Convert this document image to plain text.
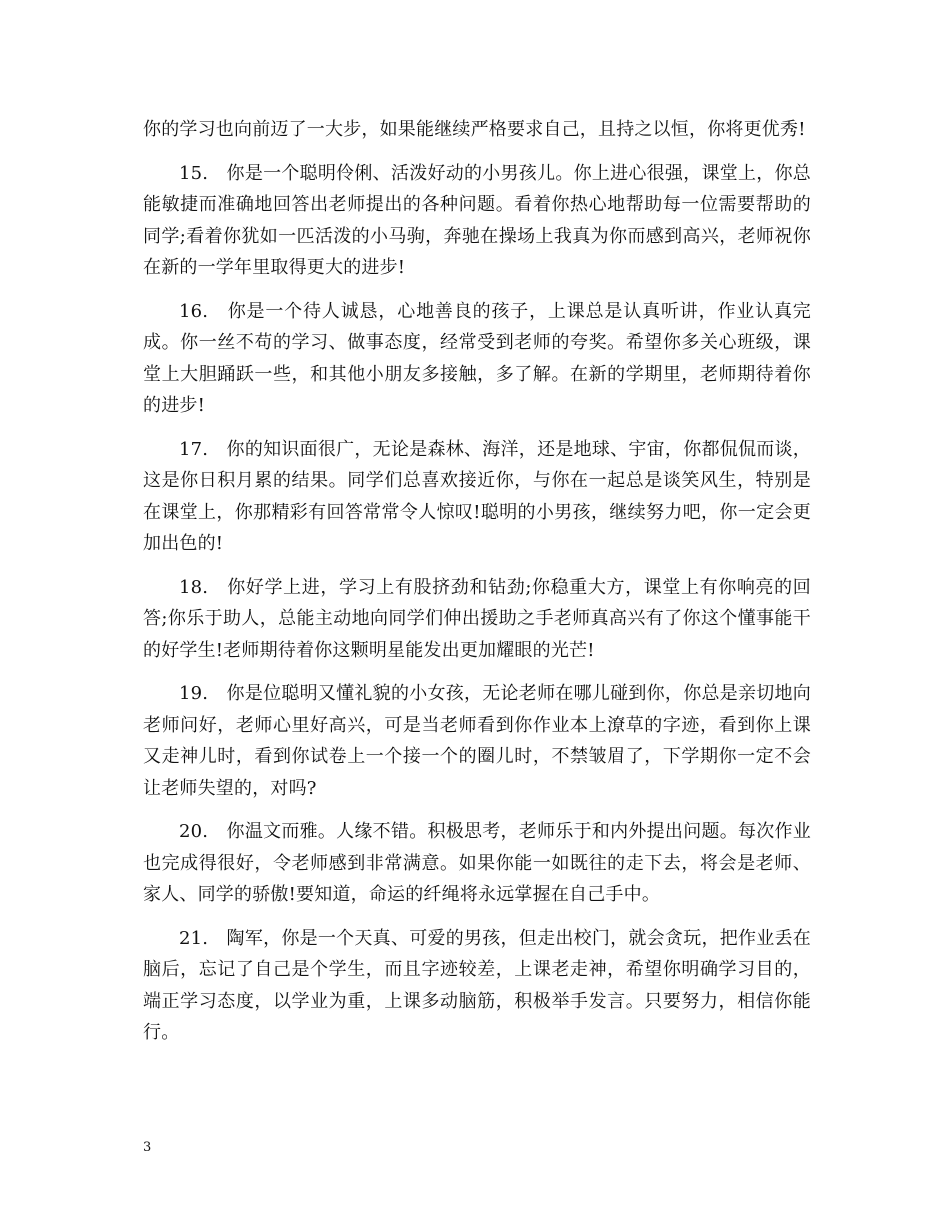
你的学习也向前迈了一大步，如果能继续严格要求自己，且持之以恒，你将更优秀!

15.　你是一个聪明伶俐、活泼好动的小男孩儿。你上进心很强，课堂上，你总能敏捷而准确地回答出老师提出的各种问题。看着你热心地帮助每一位需要帮助的同学;看着你犹如一匹活泼的小马驹，奔驰在操场上我真为你而感到高兴，老师祝你在新的一学年里取得更大的进步!

16.　你是一个待人诚恳，心地善良的孩子，上课总是认真听讲，作业认真完成。你一丝不苟的学习、做事态度，经常受到老师的夸奖。希望你多关心班级，课堂上大胆踊跃一些，和其他小朋友多接触，多了解。在新的学期里，老师期待着你的进步!

17.　你的知识面很广，无论是森林、海洋，还是地球、宇宙，你都侃侃而谈，这是你日积月累的结果。同学们总喜欢接近你，与你在一起总是谈笑风生，特别是在课堂上，你那精彩有回答常常令人惊叹!聪明的小男孩，继续努力吧，你一定会更加出色的!

18.　你好学上进，学习上有股挤劲和钻劲;你稳重大方，课堂上有你响亮的回答;你乐于助人，总能主动地向同学们伸出援助之手老师真高兴有了你这个懂事能干的好学生!老师期待着你这颗明星能发出更加耀眼的光芒!

19.　你是位聪明又懂礼貌的小女孩，无论老师在哪儿碰到你，你总是亲切地向老师问好，老师心里好高兴，可是当老师看到你作业本上潦草的字迹，看到你上课又走神儿时，看到你试卷上一个接一个的圈儿时，不禁皱眉了，下学期你一定不会让老师失望的，对吗?

20.　你温文而雅。人缘不错。积极思考，老师乐于和内外提出问题。每次作业也完成得很好，令老师感到非常满意。如果你能一如既往的走下去，将会是老师、家人、同学的骄傲!要知道，命运的纤绳将永远掌握在自己手中。

21.　陶军，你是一个天真、可爱的男孩，但走出校门，就会贪玩，把作业丢在脑后，忘记了自己是个学生，而且字迹较差，上课老走神，希望你明确学习目的，端正学习态度，以学业为重，上课多动脑筋，积极举手发言。只要努力，相信你能行。

3
